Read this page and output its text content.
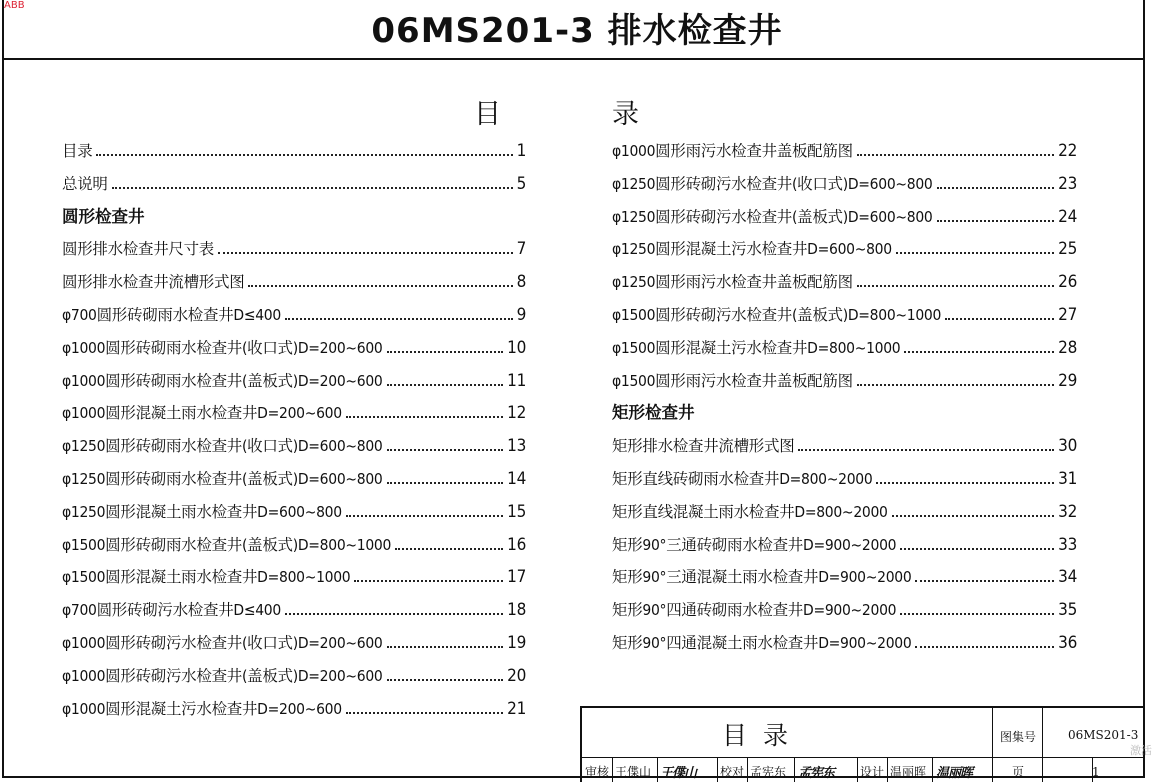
ABB
06MS201-3 排水检查井
目	录
目录	1
总说明	5
圆形检查井
圆形排水检查井尺寸表	7
圆形排水检查井流槽形式图	8
φ700圆形砖砌雨水检查井D≤400	9
φ1000圆形砖砌雨水检查井(收口式)D=200~600	10
φ1000圆形砖砌雨水检查井(盖板式)D=200~600	11
φ1000圆形混凝土雨水检查井D=200~600	12
φ1250圆形砖砌雨水检查井(收口式)D=600~800	13
φ1250圆形砖砌雨水检查井(盖板式)D=600~800	14
φ1250圆形混凝土雨水检查井D=600~800	15
φ1500圆形砖砌雨水检查井(盖板式)D=800~1000	16
φ1500圆形混凝土雨水检查井D=800~1000	17
φ700圆形砖砌污水检查井D≤400	18
φ1000圆形砖砌污水检查井(收口式)D=200~600	19
φ1000圆形砖砌污水检查井(盖板式)D=200~600	20
φ1000圆形混凝土污水检查井D=200~600	21
φ1000圆形雨污水检查井盖板配筋图	22
φ1250圆形砖砌污水检查井(收口式)D=600~800	23
φ1250圆形砖砌污水检查井(盖板式)D=600~800	24
φ1250圆形混凝土污水检查井D=600~800	25
φ1250圆形雨污水检查井盖板配筋图	26
φ1500圆形砖砌污水检查井(盖板式)D=800~1000	27
φ1500圆形混凝土污水检查井D=800~1000	28
φ1500圆形雨污水检查井盖板配筋图	29
矩形检查井
矩形排水检查井流槽形式图	30
矩形直线砖砌雨水检查井D=800~2000	31
矩形直线混凝土雨水检查井D=800~2000	32
矩形90°三通砖砌雨水检查井D=900~2000	33
矩形90°三通混凝土雨水检查井D=900~2000	34
矩形90°四通砖砌雨水检查井D=900~2000	35
矩形90°四通混凝土雨水检查井D=900~2000	36
目 录	图集号	06MS201-3
审核 王偞山 王偞山 校对 孟宪东 孟宪东 设计 温丽晖 温丽晖	页	1
激活
